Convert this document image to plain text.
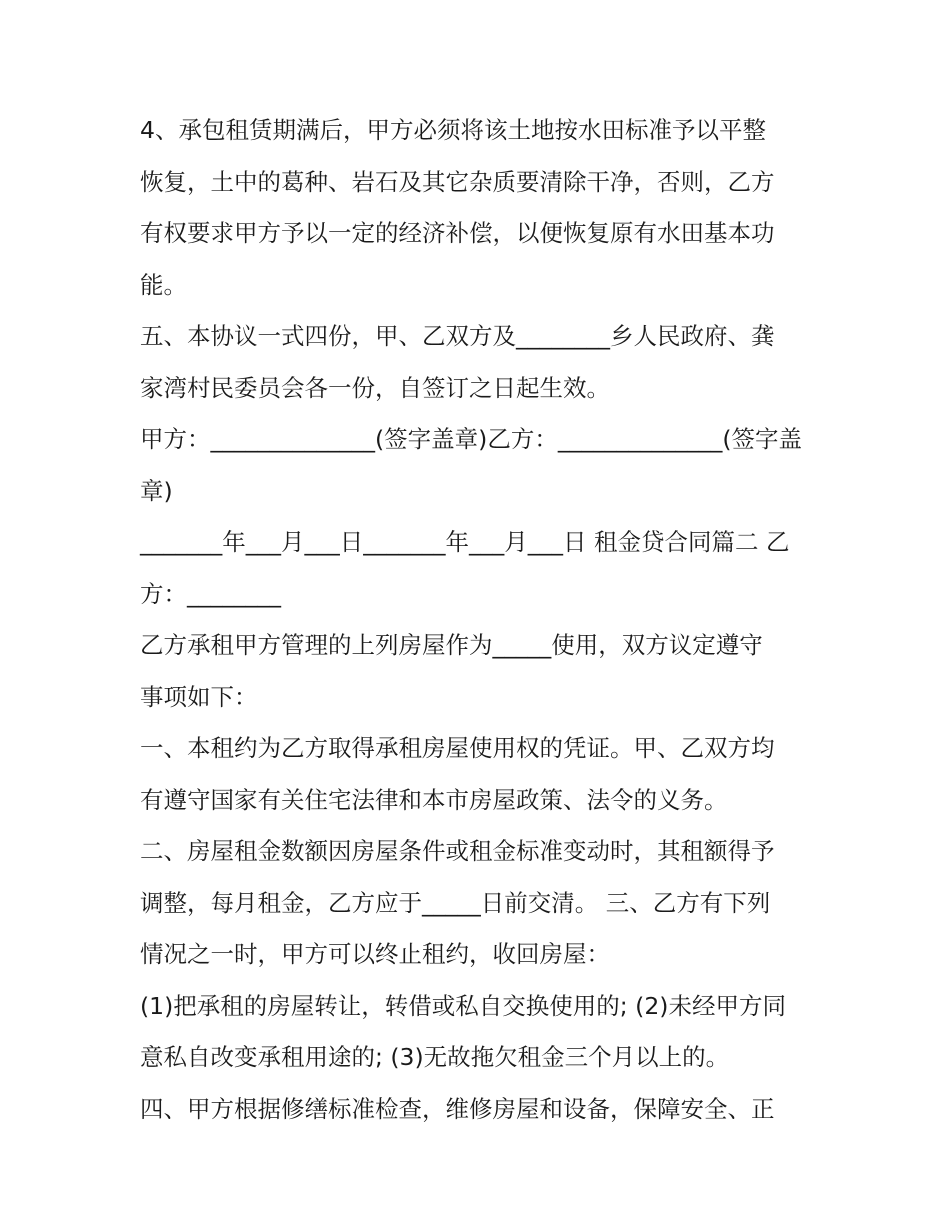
4、承包租赁期满后，甲方必须将该土地按水田标准予以平整

恢复，土中的葛种、岩石及其它杂质要清除干净，否则，乙方

有权要求甲方予以一定的经济补偿，以便恢复原有水田基本功

能。

五、本协议一式四份，甲、乙双方及________乡人民政府、龚

家湾村民委员会各一份，自签订之日起生效。

甲方：______________(签字盖章)乙方：______________(签字盖

章)

_______年___月___日_______年___月___日 租金贷合同篇二 乙

方：________

乙方承租甲方管理的上列房屋作为_____使用，双方议定遵守

事项如下：

一、本租约为乙方取得承租房屋使用权的凭证。甲、乙双方均

有遵守国家有关住宅法律和本市房屋政策、法令的义务。

二、房屋租金数额因房屋条件或租金标准变动时，其租额得予

调整，每月租金，乙方应于_____日前交清。 三、乙方有下列

情况之一时，甲方可以终止租约，收回房屋：

(1)把承租的房屋转让，转借或私自交换使用的; (2)未经甲方同

意私自改变承租用途的; (3)无故拖欠租金三个月以上的。

四、甲方根据修缮标准检查，维修房屋和设备，保障安全、正
